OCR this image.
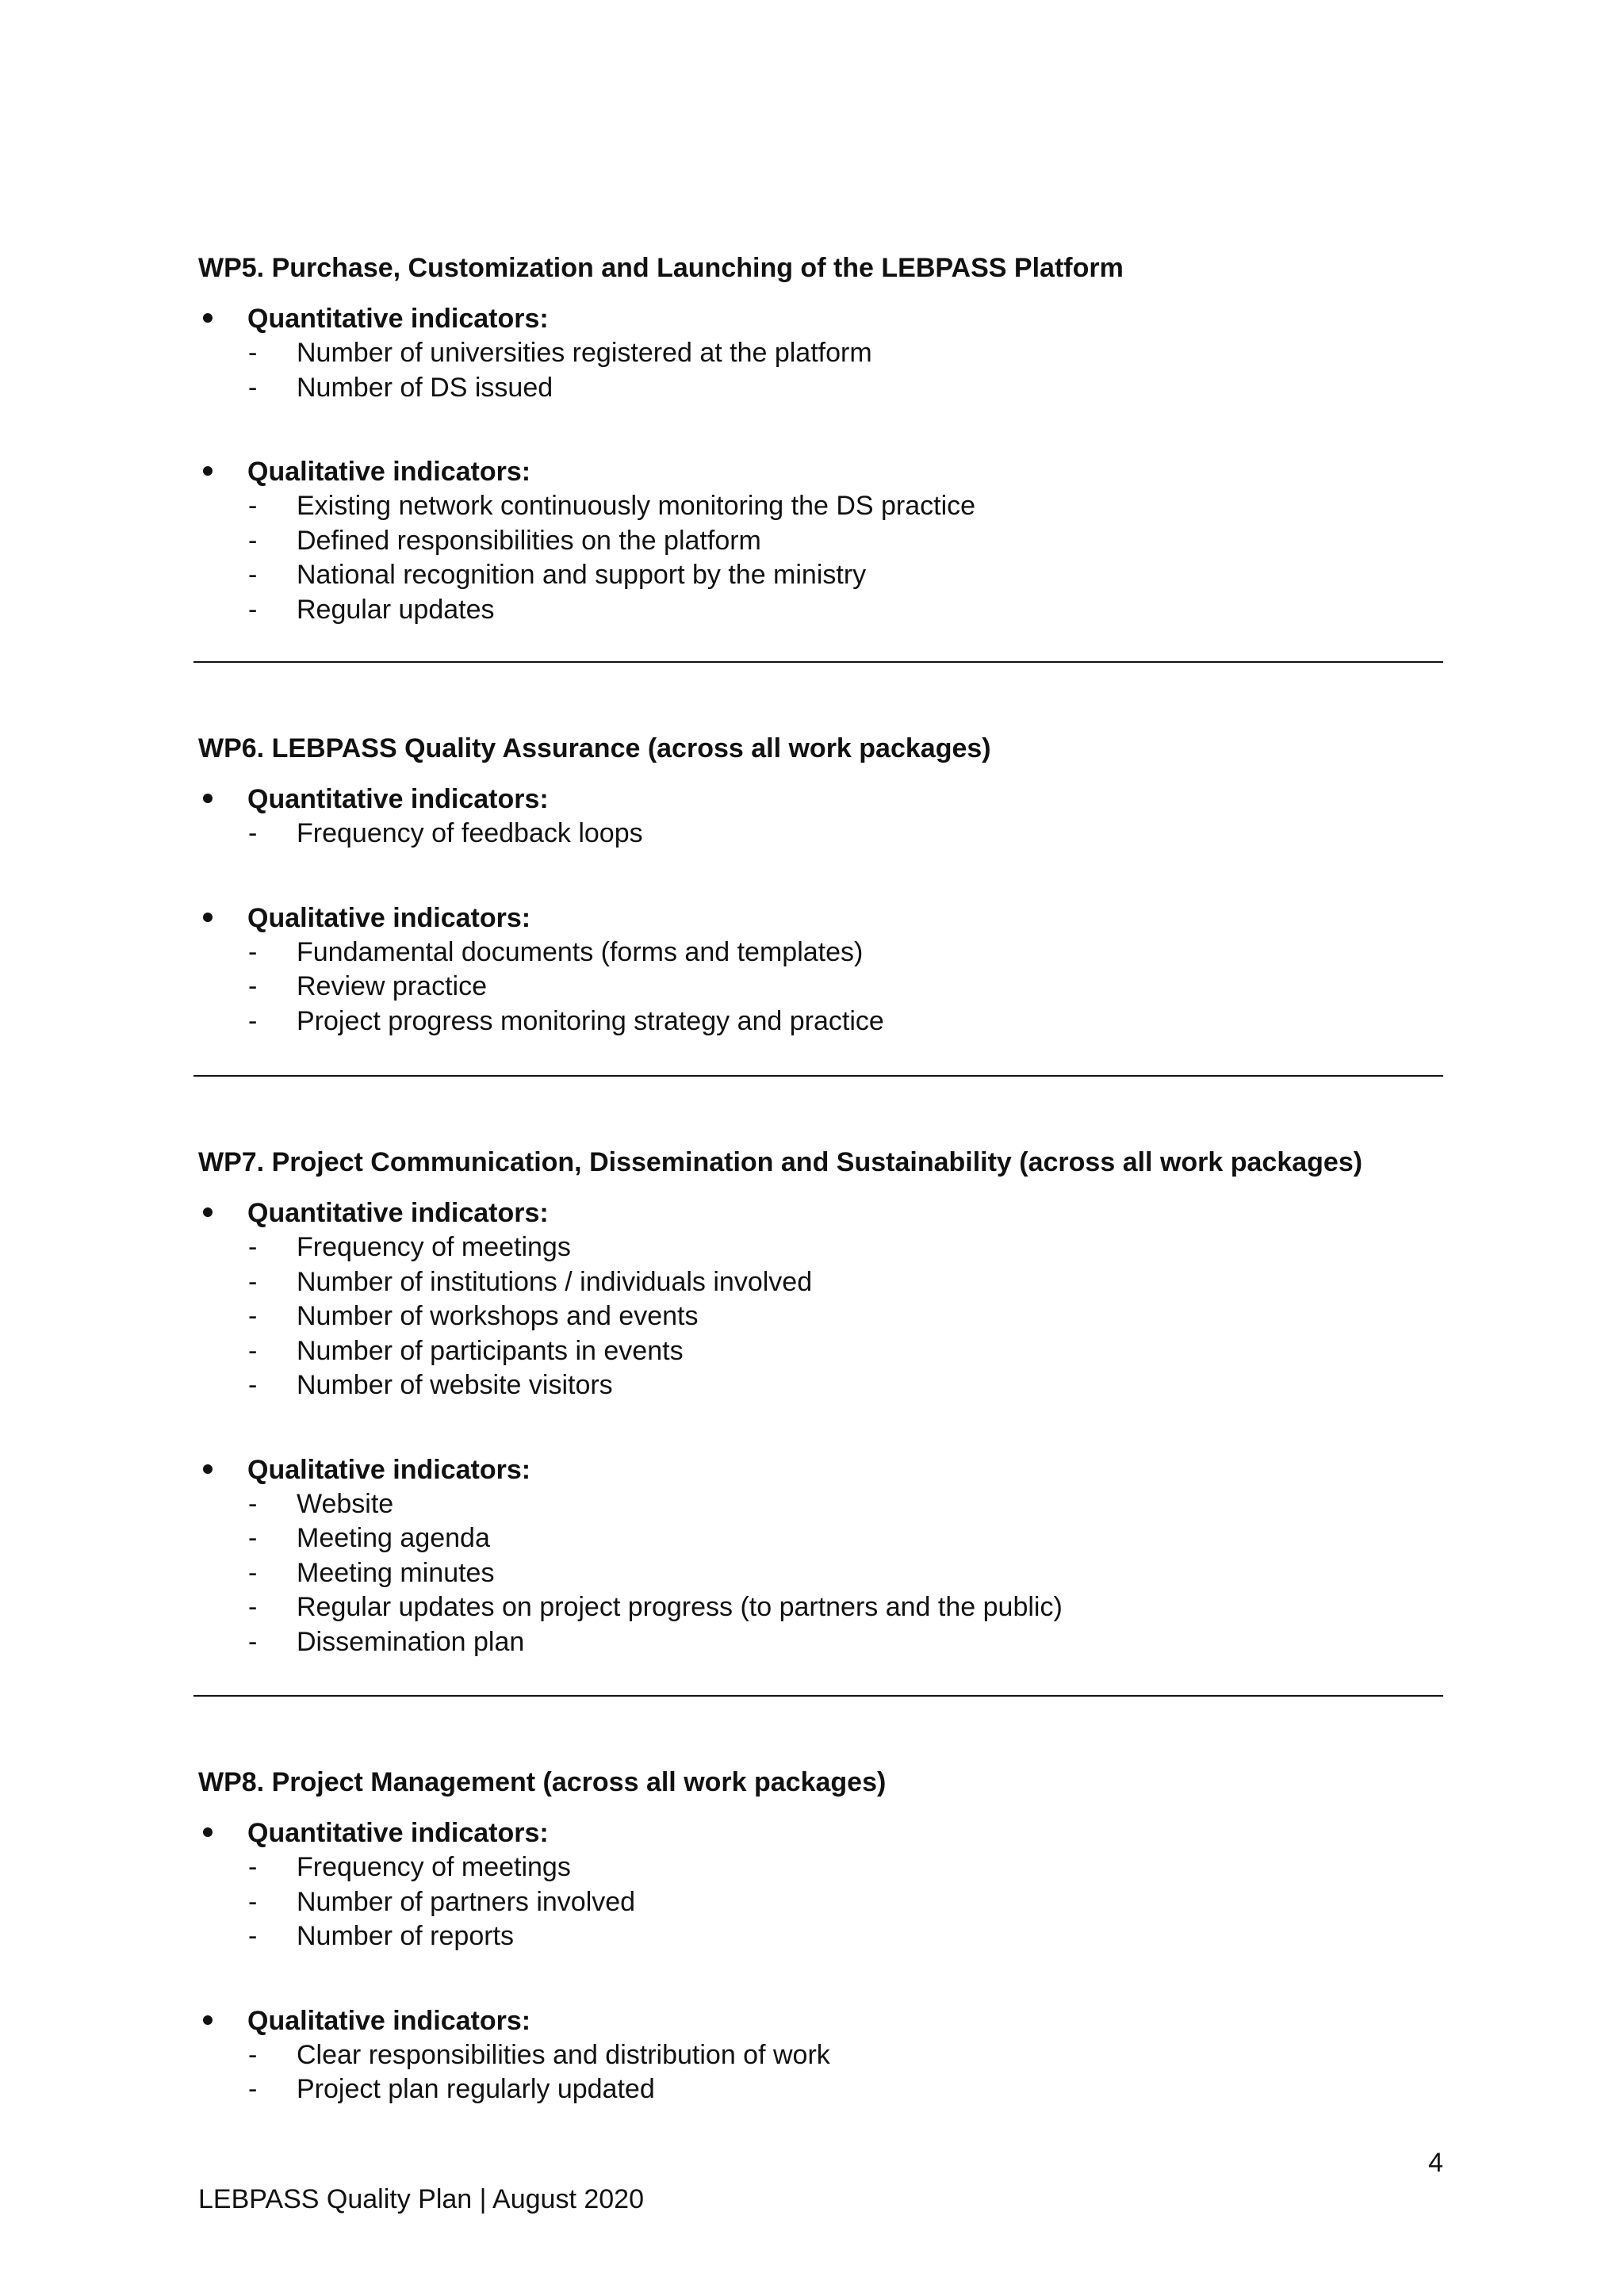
WP5. Purchase, Customization and Launching of the LEBPASS Platform
Quantitative indicators:
-	Number of universities registered at the platform
-	Number of DS issued
Qualitative indicators:
-	Existing network continuously monitoring the DS practice
-	Defined responsibilities on the platform
-	National recognition and support by the ministry
-	Regular updates
WP6. LEBPASS Quality Assurance (across all work packages)
Quantitative indicators:
-	Frequency of feedback loops
Qualitative indicators:
-	Fundamental documents (forms and templates)
-	Review practice
-	Project progress monitoring strategy and practice
WP7. Project Communication, Dissemination and Sustainability (across all work packages)
Quantitative indicators:
-	Frequency of meetings
-	Number of institutions / individuals involved
-	Number of workshops and events
-	Number of participants in events
-	Number of website visitors
Qualitative indicators:
-	Website
-	Meeting agenda
-	Meeting minutes
-	Regular updates on project progress (to partners and the public)
-	Dissemination plan
WP8. Project Management (across all work packages)
Quantitative indicators:
-	Frequency of meetings
-	Number of partners involved
-	Number of reports
Qualitative indicators:
-	Clear responsibilities and distribution of work
-	Project plan regularly updated
4
LEBPASS Quality Plan | August 2020
